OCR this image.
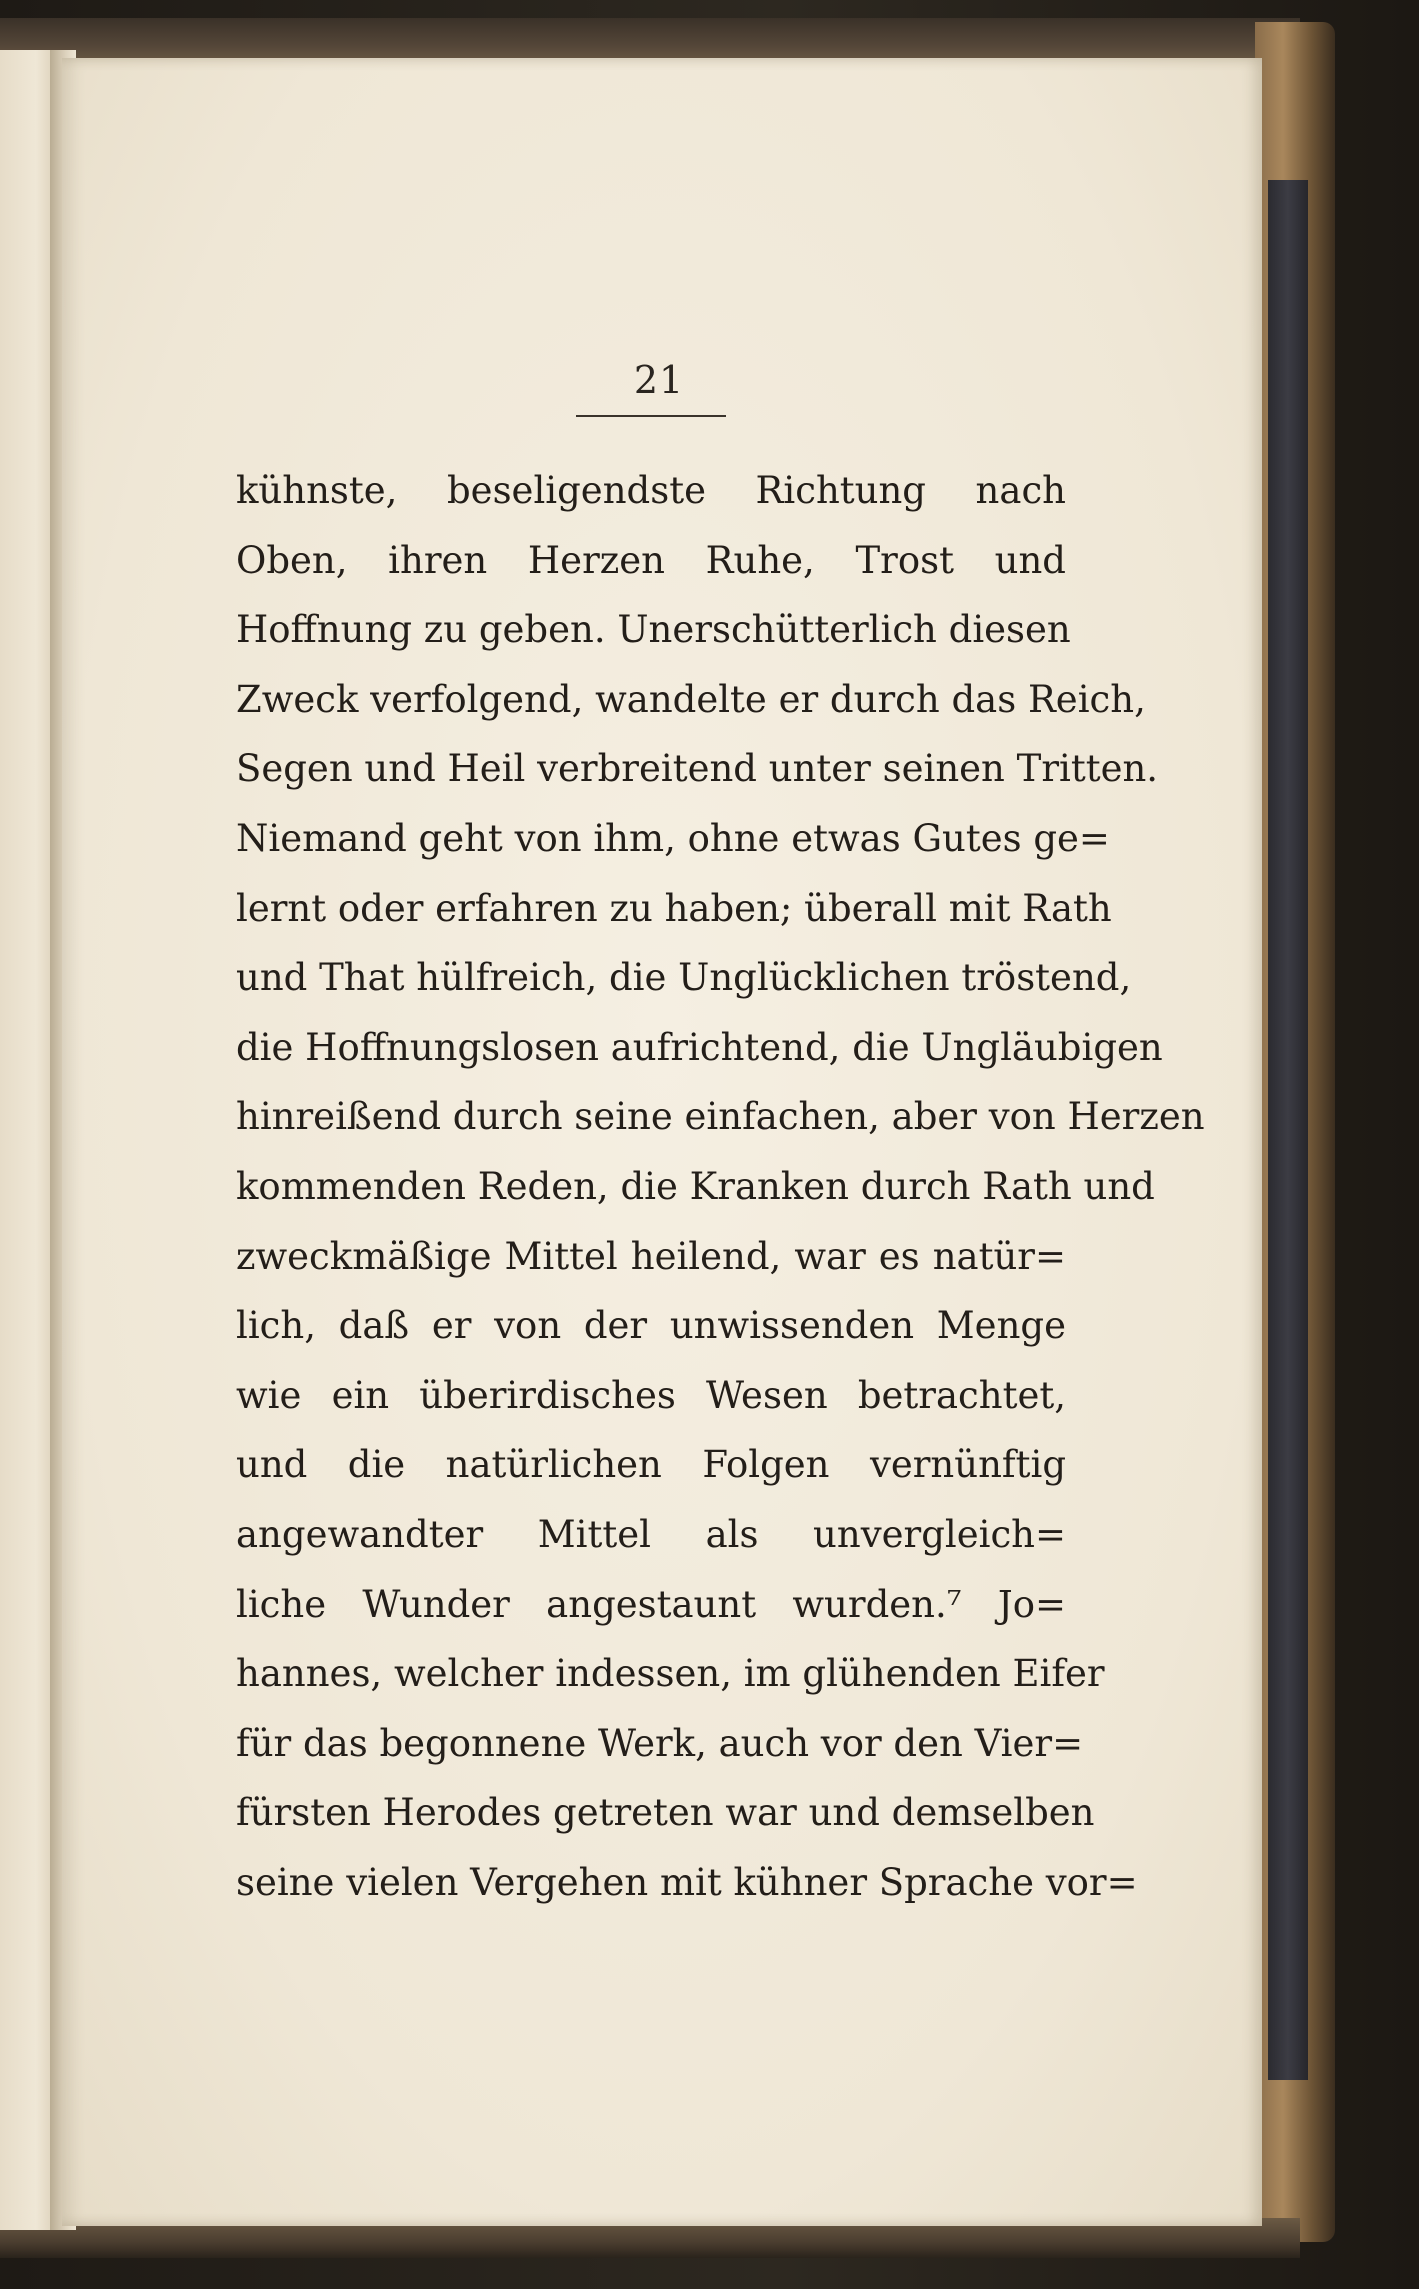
21
kühnste, beseligendste Richtung nach
Oben, ihren Herzen Ruhe, Trost und
Hoffnung zu geben. Unerschütterlich diesen
Zweck verfolgend, wandelte er durch das Reich,
Segen und Heil verbreitend unter seinen Tritten.
Niemand geht von ihm, ohne etwas Gutes ge=
lernt oder erfahren zu haben; überall mit Rath
und That hülfreich, die Unglücklichen tröstend,
die Hoffnungslosen aufrichtend, die Ungläubigen
hinreißend durch seine einfachen, aber von Herzen
kommenden Reden, die Kranken durch Rath und
zweckmäßige Mittel heilend, war es natür=
lich, daß er von der unwissenden Menge
wie ein überirdisches Wesen betrachtet,
und die natürlichen Folgen vernünftig
angewandter Mittel als unvergleich=
liche Wunder angestaunt wurden.⁷ Jo=
hannes, welcher indessen, im glühenden Eifer
für das begonnene Werk, auch vor den Vier=
fürsten Herodes getreten war und demselben
seine vielen Vergehen mit kühner Sprache vor=
